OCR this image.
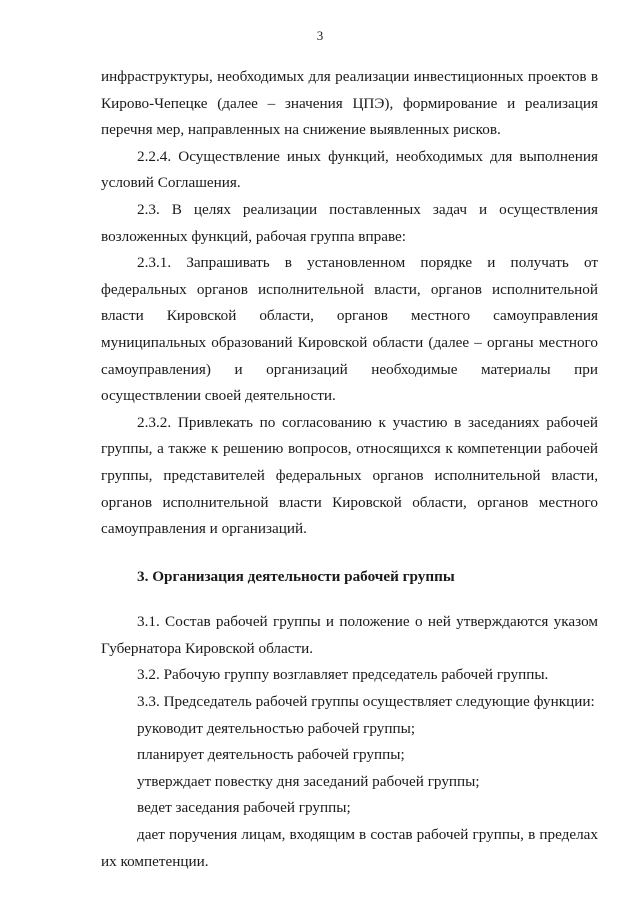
3

инфраструктуры, необходимых для реализации инвестиционных проектов в Кирово-Чепецке (далее – значения ЦПЭ), формирование и реализация перечня мер, направленных на снижение выявленных рисков.

2.2.4. Осуществление иных функций, необходимых для выполнения условий Соглашения.

2.3. В целях реализации поставленных задач и осуществления возложенных функций, рабочая группа вправе:

2.3.1. Запрашивать в установленном порядке и получать от федеральных органов исполнительной власти, органов исполнительной власти Кировской области, органов местного самоуправления муниципальных образований Кировской области (далее – органы местного самоуправления) и организаций необходимые материалы при осуществлении своей деятельности.

2.3.2. Привлекать по согласованию к участию в заседаниях рабочей группы, а также к решению вопросов, относящихся к компетенции рабочей группы, представителей федеральных органов исполнительной власти, органов исполнительной власти Кировской области, органов местного самоуправления и организаций.

3. Организация деятельности рабочей группы

3.1. Состав рабочей группы и положение о ней утверждаются указом Губернатора Кировской области.

3.2. Рабочую группу возглавляет председатель рабочей группы.

3.3. Председатель рабочей группы осуществляет следующие функции:

руководит деятельностью рабочей группы;

планирует деятельность рабочей группы;

утверждает повестку дня заседаний рабочей группы;

ведет заседания рабочей группы;

дает поручения лицам, входящим в состав рабочей группы, в пределах их компетенции.
